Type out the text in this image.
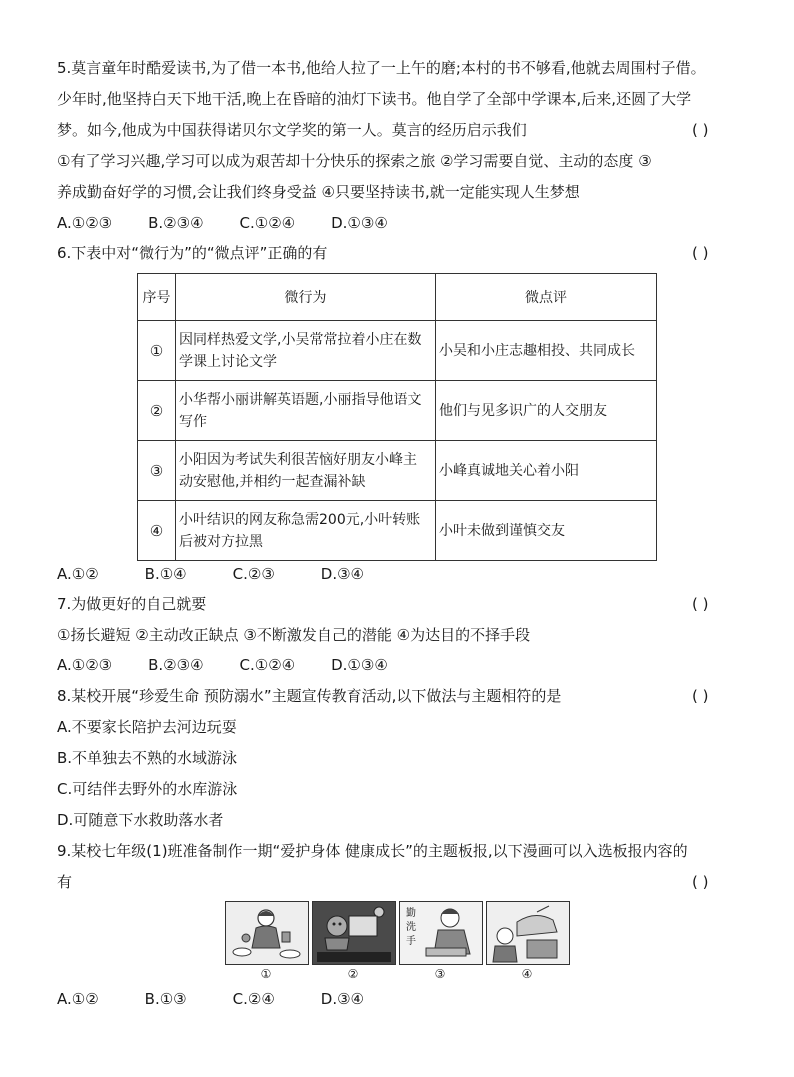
5.莫言童年时酷爱读书,为了借一本书,他给人拉了一上午的磨;本村的书不够看,他就去周围村子借。
少年时,他坚持白天下地干活,晚上在昏暗的油灯下读书。他自学了全部中学课本,后来,还圆了大学
梦。如今,他成为中国获得诺贝尔文学奖的第一人。莫言的经历启示我们	( )
①有了学习兴趣,学习可以成为艰苦却十分快乐的探索之旅 ②学习需要自觉、主动的态度 ③
养成勤奋好学的习惯,会让我们终身受益 ④只要坚持读书,就一定能实现人生梦想
A.①②③ B.②③④ C.①②④ D.①③④
6.下表中对“微行为”的“微点评”正确的有	( )
序号	微行为	微点评
①	因同样热爱文学,小吴常常拉着小庄在数
学课上讨论文学	小吴和小庄志趣相投、共同成长
②	小华帮小丽讲解英语题,小丽指导他语文
写作	他们与见多识广的人交朋友
③	小阳因为考试失利很苦恼好朋友小峰主
动安慰他,并相约一起查漏补缺	小峰真诚地关心着小阳
④	小叶结识的网友称急需200元,小叶转账
后被对方拉黑	小叶未做到谨慎交友
A.①②	B.①④	C.②③	D.③④
7.为做更好的自己就要	( )
①扬长避短 ②主动改正缺点 ③不断激发自己的潜能 ④为达目的不择手段
A.①②③ B.②③④ C.①②④ D.①③④
8.某校开展“珍爱生命 预防溺水”主题宣传教育活动,以下做法与主题相符的是	( )
A.不要家长陪护去河边玩耍
B.不单独去不熟的水域游泳
C.可结伴去野外的水库游泳
D.可随意下水救助落水者
9.某校七年级(1)班准备制作一期“爱护身体 健康成长”的主题板报,以下漫画可以入选板报内容的
有	( )
勤
洗
手
①	②	③	④
A.①②	B.①③	C.②④	D.③④
